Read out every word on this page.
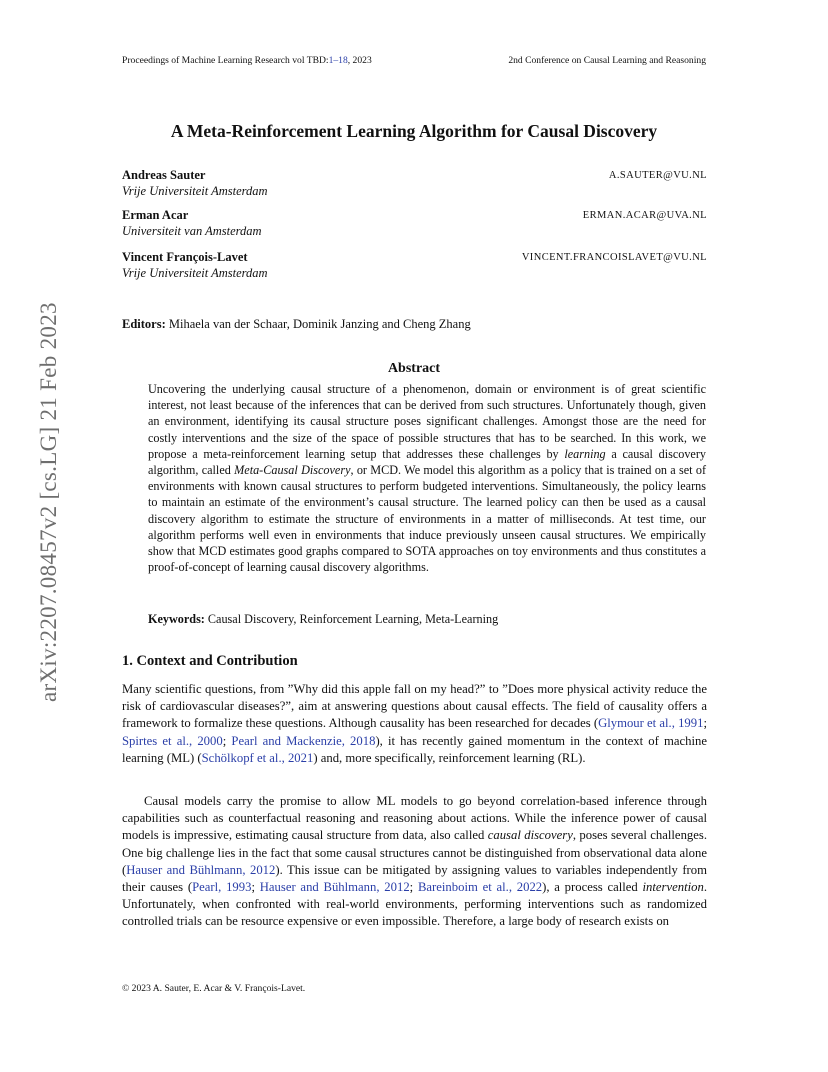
Proceedings of Machine Learning Research vol TBD:1–18, 2023	2nd Conference on Causal Learning and Reasoning
arXiv:2207.08457v2 [cs.LG] 21 Feb 2023
A Meta-Reinforcement Learning Algorithm for Causal Discovery
Andreas Sauter
Vrije Universiteit Amsterdam
A.SAUTER@VU.NL
Erman Acar
Universiteit van Amsterdam
ERMAN.ACAR@UVA.NL
Vincent François-Lavet
Vrije Universiteit Amsterdam
VINCENT.FRANCOISLAVET@VU.NL
Editors: Mihaela van der Schaar, Dominik Janzing and Cheng Zhang
Abstract
Uncovering the underlying causal structure of a phenomenon, domain or environment is of great scientific interest, not least because of the inferences that can be derived from such structures. Unfortunately though, given an environment, identifying its causal structure poses significant challenges. Amongst those are the need for costly interventions and the size of the space of possible structures that has to be searched. In this work, we propose a meta-reinforcement learning setup that addresses these challenges by learning a causal discovery algorithm, called Meta-Causal Discovery, or MCD. We model this algorithm as a policy that is trained on a set of environments with known causal structures to perform budgeted interventions. Simultaneously, the policy learns to maintain an estimate of the environment’s causal structure. The learned policy can then be used as a causal discovery algorithm to estimate the structure of environments in a matter of milliseconds. At test time, our algorithm performs well even in environments that induce previously unseen causal structures. We empirically show that MCD estimates good graphs compared to SOTA approaches on toy environments and thus constitutes a proof-of-concept of learning causal discovery algorithms.
Keywords: Causal Discovery, Reinforcement Learning, Meta-Learning
1. Context and Contribution
Many scientific questions, from ”Why did this apple fall on my head?” to ”Does more physical activity reduce the risk of cardiovascular diseases?”, aim at answering questions about causal effects. The field of causality offers a framework to formalize these questions. Although causality has been researched for decades (Glymour et al., 1991; Spirtes et al., 2000; Pearl and Mackenzie, 2018), it has recently gained momentum in the context of machine learning (ML) (Schölkopf et al., 2021) and, more specifically, reinforcement learning (RL).
Causal models carry the promise to allow ML models to go beyond correlation-based inference through capabilities such as counterfactual reasoning and reasoning about actions. While the inference power of causal models is impressive, estimating causal structure from data, also called causal discovery, poses several challenges. One big challenge lies in the fact that some causal structures cannot be distinguished from observational data alone (Hauser and Bühlmann, 2012). This issue can be mitigated by assigning values to variables independently from their causes (Pearl, 1993; Hauser and Bühlmann, 2012; Bareinboim et al., 2022), a process called intervention. Unfortunately, when confronted with real-world environments, performing interventions such as randomized controlled trials can be resource expensive or even impossible. Therefore, a large body of research exists on
© 2023 A. Sauter, E. Acar & V. François-Lavet.
